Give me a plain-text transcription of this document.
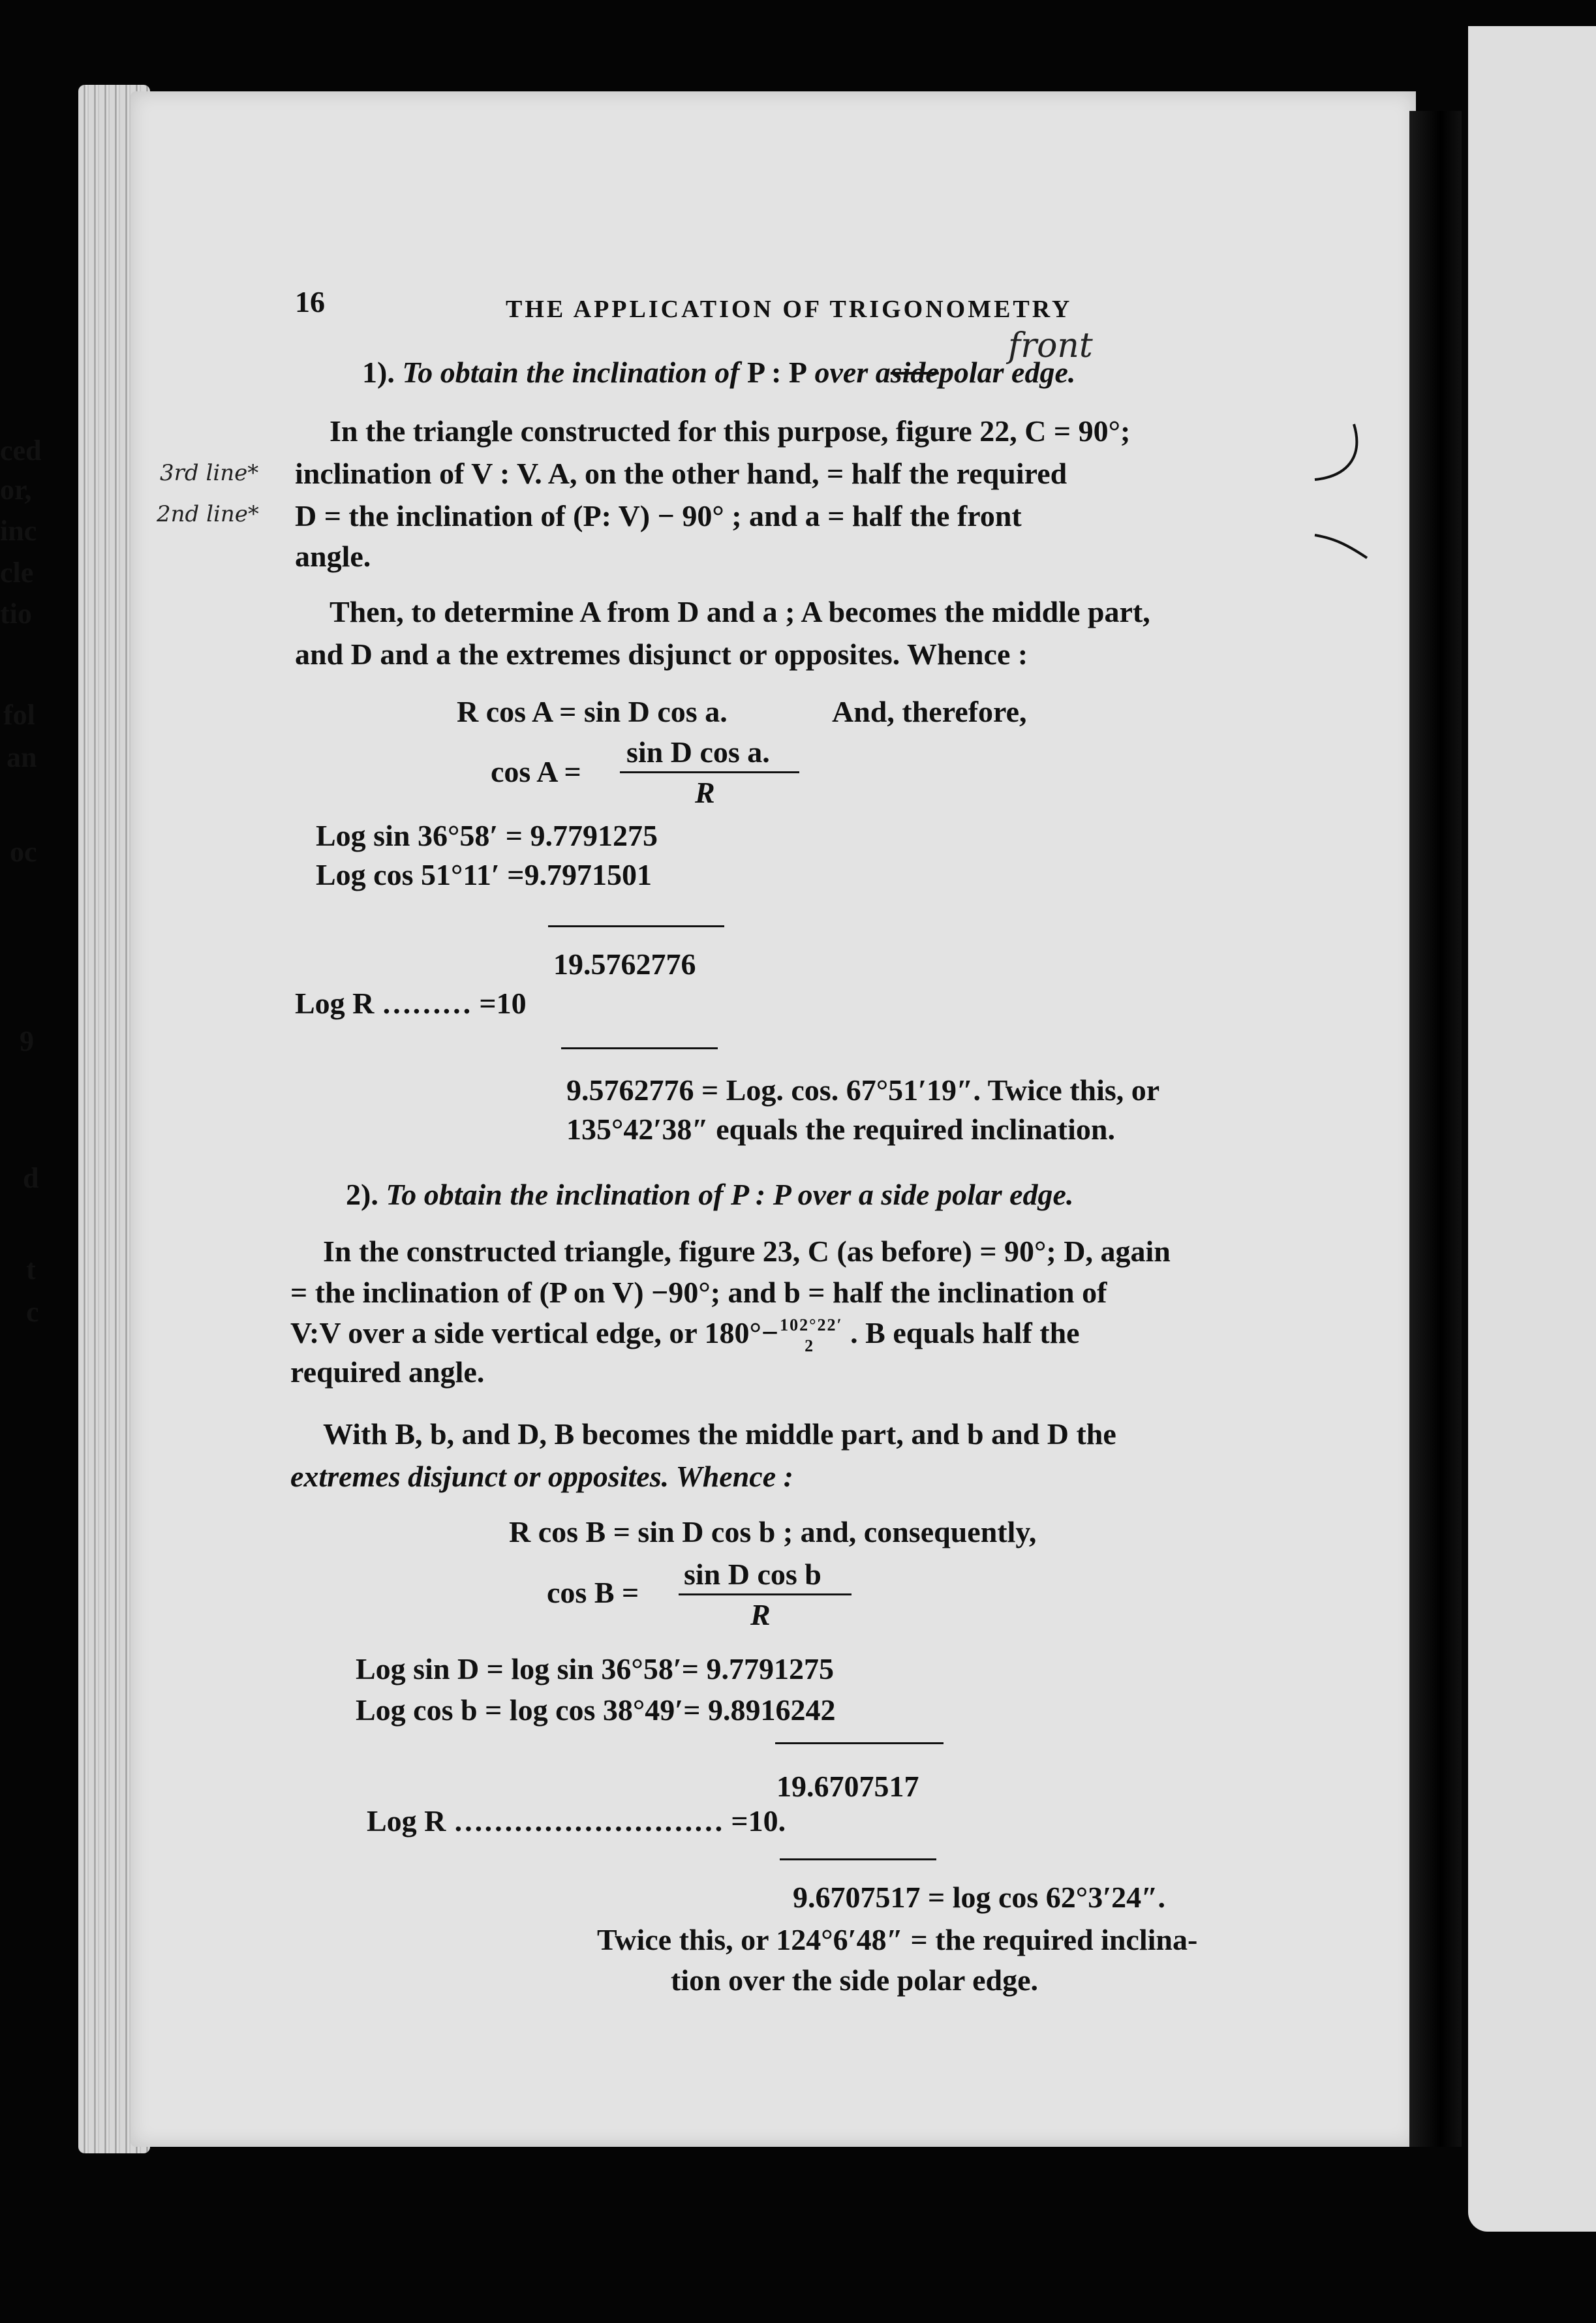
ced
or,
inc
cle
tio
fol
an
oc
9
d
t
c
16	THE APPLICATION OF TRIGONOMETRY
front
3rd line*
2nd line*
1). To obtain the inclination of P : P over asidepolar edge.
In the triangle constructed for this purpose, figure 22, C = 90°;
inclination of V : V. A, on the other hand, = half the required
D = the inclination of (P: V) − 90° ; and a = half the front
angle.
Then, to determine A from D and a ; A becomes the middle part,
and D and a the extremes disjunct or opposites. Whence :
R cos A = sin D cos a.	And, therefore,
cos A =
sin D cos a.
R
Log sin 36°58′ = 9.7791275
Log cos 51°11′ =9.7971501
19.5762776
Log R ……… =10
9.5762776 = Log. cos. 67°51′19″. Twice this, or
135°42′38″ equals the required inclination.
2). To obtain the inclination of P : P over a side polar edge.
In the constructed triangle, figure 23, C (as before) = 90°; D, again
= the inclination of (P on V) −90°; and b = half the inclination of
V:V over a side vertical edge, or 180°− 102°22′
2 . B equals half the
required angle.
With B, b, and D, B becomes the middle part, and b and D the
extremes disjunct or opposites. Whence :
R cos B = sin D cos b ; and, consequently,
cos B =
sin D cos b
R
Log sin D = log sin 36°58′= 9.7791275
Log cos b = log cos 38°49′= 9.8916242
19.6707517
Log R ……………………… =10.
9.6707517 = log cos 62°3′24″.
Twice this, or 124°6′48″ = the required inclina-
tion over the side polar edge.
